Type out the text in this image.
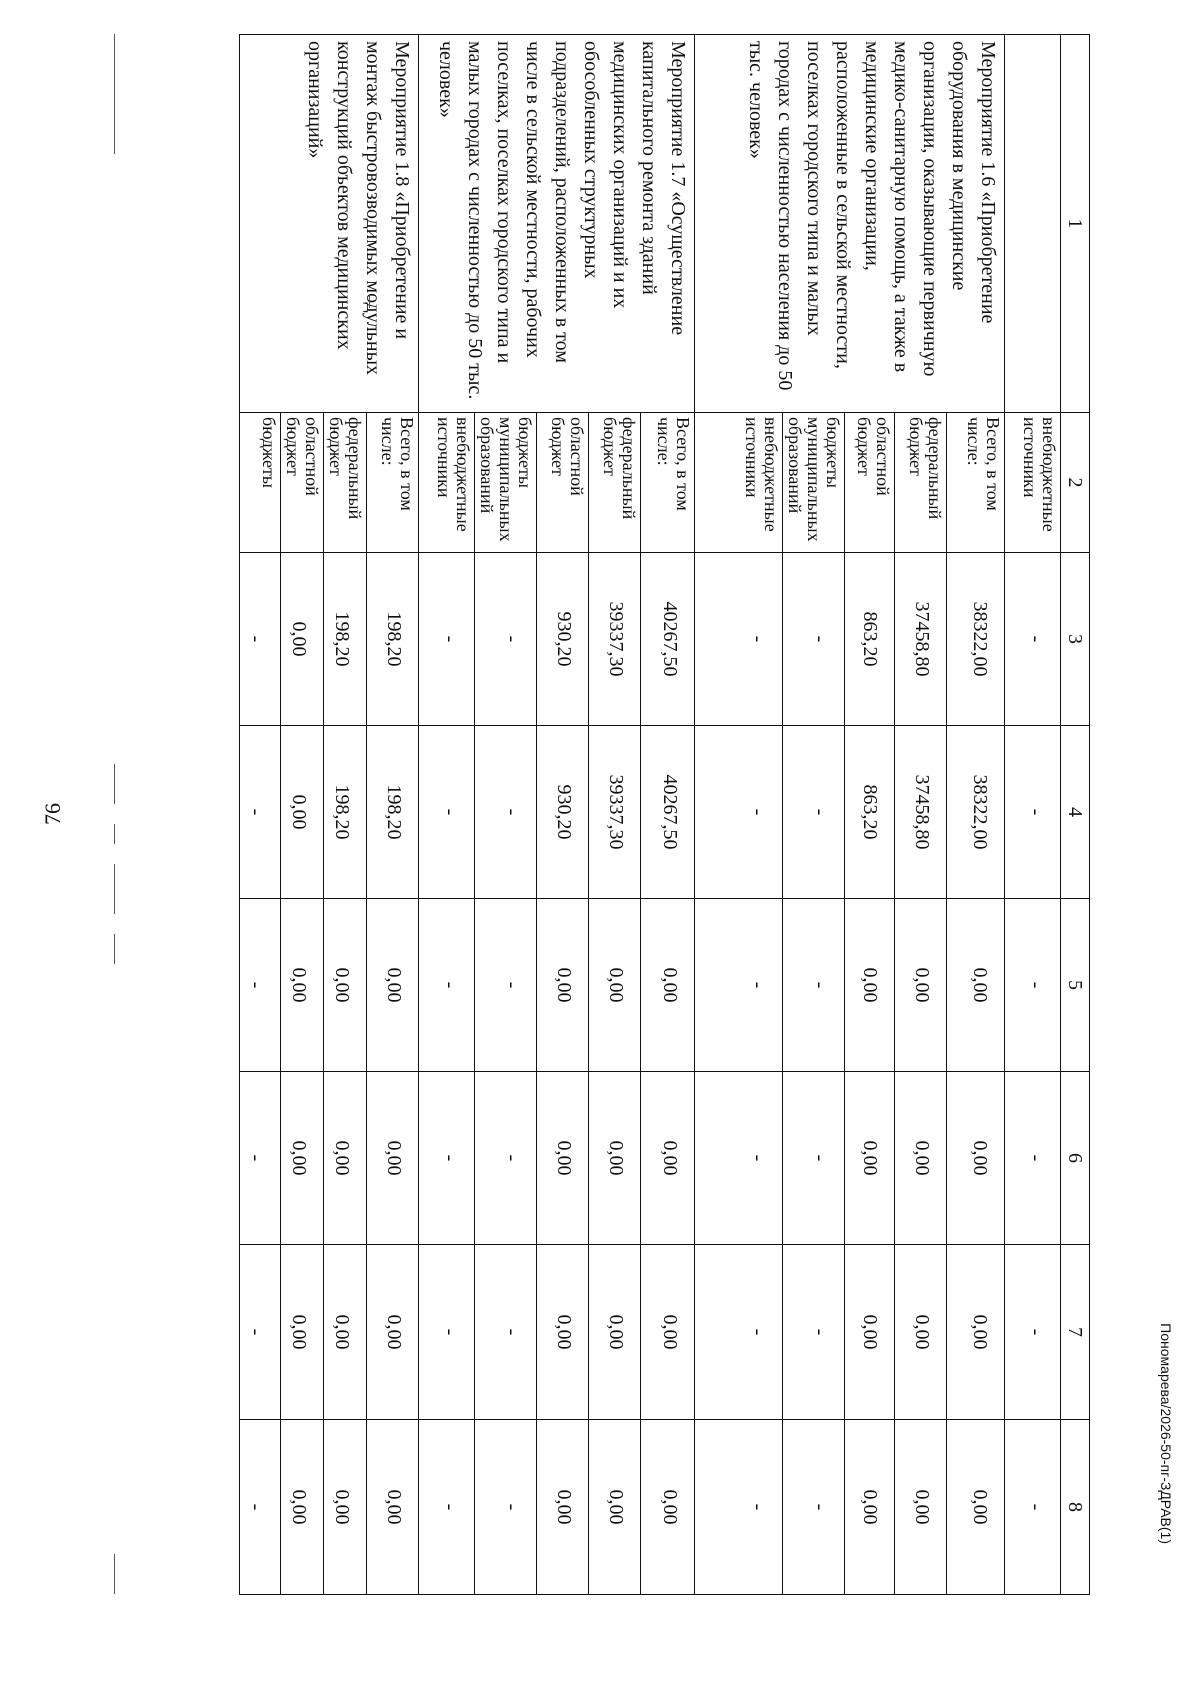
1	2	3	4	5	6	7	8
	внебюджетные источники	-	-	-	-	-	-
Мероприятие 1.6 «Приобретение оборудования в медицинские организации, оказывающие первичную медико-санитарную помощь, а также в медицинские организации, расположенные в сельской местности, поселках городского типа и малых городах с численностью населения до 50 тыс. человек»	Всего, в том числе:	38322,00	38322,00	0,00	0,00	0,00	0,00
	федеральный бюджет	37458,80	37458,80	0,00	0,00	0,00	0,00
	областной бюджет	863,20	863,20	0,00	0,00	0,00	0,00
	бюджеты муниципальных образований	-	-	-	-	-	-
	внебюджетные источники	-	-	-	-	-	-
Мероприятие 1.7 «Осуществление капитального ремонта зданий медицинских организаций и их обособленных структурных подразделений, расположенных в том числе в сельской местности, рабочих поселках, поселках городского типа и малых городах с численностью до 50 тыс. человек»	Всего, в том числе:	40267,50	40267,50	0,00	0,00	0,00	0,00
	федеральный бюджет	39337,30	39337,30	0,00	0,00	0,00	0,00
	областной бюджет	930,20	930,20	0,00	0,00	0,00	0,00
	бюджеты муниципальных образований	-	-	-	-	-	-
	внебюджетные источники	-	-	-	-	-	-
Мероприятие 1.8 «Приобретение и монтаж быстровозводимых модульных конструкций объектов медицинских организаций»	Всего, в том числе:	198,20	198,20	0,00	0,00	0,00	0,00
	федеральный бюджет	198,20	198,20	0,00	0,00	0,00	0,00
	областной бюджет	0,00	0,00	0,00	0,00	0,00	0,00
	бюджеты	-	-	-	-	-	-
76
Пономарева/2026-50-пг-ЗДРАВ(1)
